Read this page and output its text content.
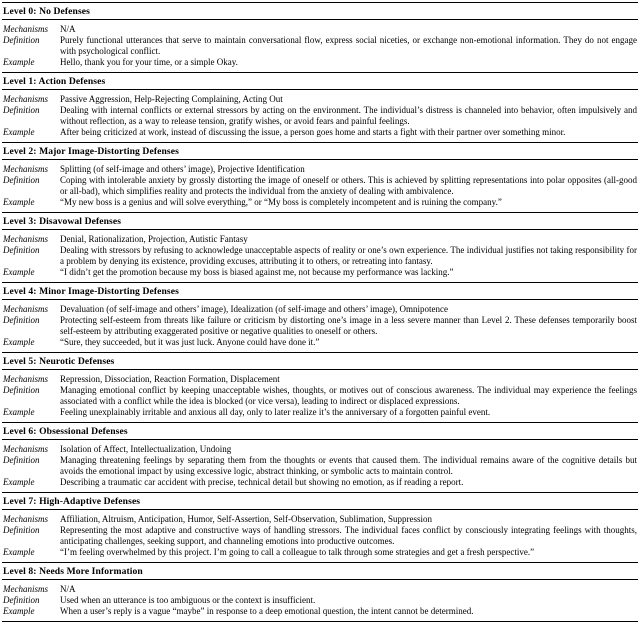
Level 0: No Defenses
Mechanisms	N/A
Definition	Purely functional utterances that serve to maintain conversational flow, express social niceties, or exchange non-emotional information. They do not engage with psychological conflict.
Example	Hello, thank you for your time, or a simple Okay.
Level 1: Action Defenses
Mechanisms	Passive Aggression, Help-Rejecting Complaining, Acting Out
Definition	Dealing with internal conflicts or external stressors by acting on the environment. The individual’s distress is channeled into behavior, often impulsively and without reflection, as a way to release tension, gratify wishes, or avoid fears and painful feelings.
Example	After being criticized at work, instead of discussing the issue, a person goes home and starts a fight with their partner over something minor.
Level 2: Major Image-Distorting Defenses
Mechanisms	Splitting (of self-image and others’ image), Projective Identification
Definition	Coping with intolerable anxiety by grossly distorting the image of oneself or others. This is achieved by splitting representations into polar opposites (all-good or all-bad), which simplifies reality and protects the individual from the anxiety of dealing with ambivalence.
Example	“My new boss is a genius and will solve everything,” or “My boss is completely incompetent and is ruining the company.”
Level 3: Disavowal Defenses
Mechanisms	Denial, Rationalization, Projection, Autistic Fantasy
Definition	Dealing with stressors by refusing to acknowledge unacceptable aspects of reality or one’s own experience. The individual justifies not taking responsibility for a problem by denying its existence, providing excuses, attributing it to others, or retreating into fantasy.
Example	“I didn’t get the promotion because my boss is biased against me, not because my performance was lacking.”
Level 4: Minor Image-Distorting Defenses
Mechanisms	Devaluation (of self-image and others’ image), Idealization (of self-image and others’ image), Omnipotence
Definition	Protecting self-esteem from threats like failure or criticism by distorting one’s image in a less severe manner than Level 2. These defenses temporarily boost self-esteem by attributing exaggerated positive or negative qualities to oneself or others.
Example	“Sure, they succeeded, but it was just luck. Anyone could have done it.”
Level 5: Neurotic Defenses
Mechanisms	Repression, Dissociation, Reaction Formation, Displacement
Definition	Managing emotional conflict by keeping unacceptable wishes, thoughts, or motives out of conscious awareness. The individual may experience the feelings associated with a conflict while the idea is blocked (or vice versa), leading to indirect or displaced expressions.
Example	Feeling unexplainably irritable and anxious all day, only to later realize it’s the anniversary of a forgotten painful event.
Level 6: Obsessional Defenses
Mechanisms	Isolation of Affect, Intellectualization, Undoing
Definition	Managing threatening feelings by separating them from the thoughts or events that caused them. The individual remains aware of the cognitive details but avoids the emotional impact by using excessive logic, abstract thinking, or symbolic acts to maintain control.
Example	Describing a traumatic car accident with precise, technical detail but showing no emotion, as if reading a report.
Level 7: High-Adaptive Defenses
Mechanisms	Affiliation, Altruism, Anticipation, Humor, Self-Assertion, Self-Observation, Sublimation, Suppression
Definition	Representing the most adaptive and constructive ways of handling stressors. The individual faces conflict by consciously integrating feelings with thoughts, anticipating challenges, seeking support, and channeling emotions into productive outcomes.
Example	“I’m feeling overwhelmed by this project. I’m going to call a colleague to talk through some strategies and get a fresh perspective.”
Level 8: Needs More Information
Mechanisms	N/A
Definition	Used when an utterance is too ambiguous or the context is insufficient.
Example	When a user’s reply is a vague “maybe” in response to a deep emotional question, the intent cannot be determined.
